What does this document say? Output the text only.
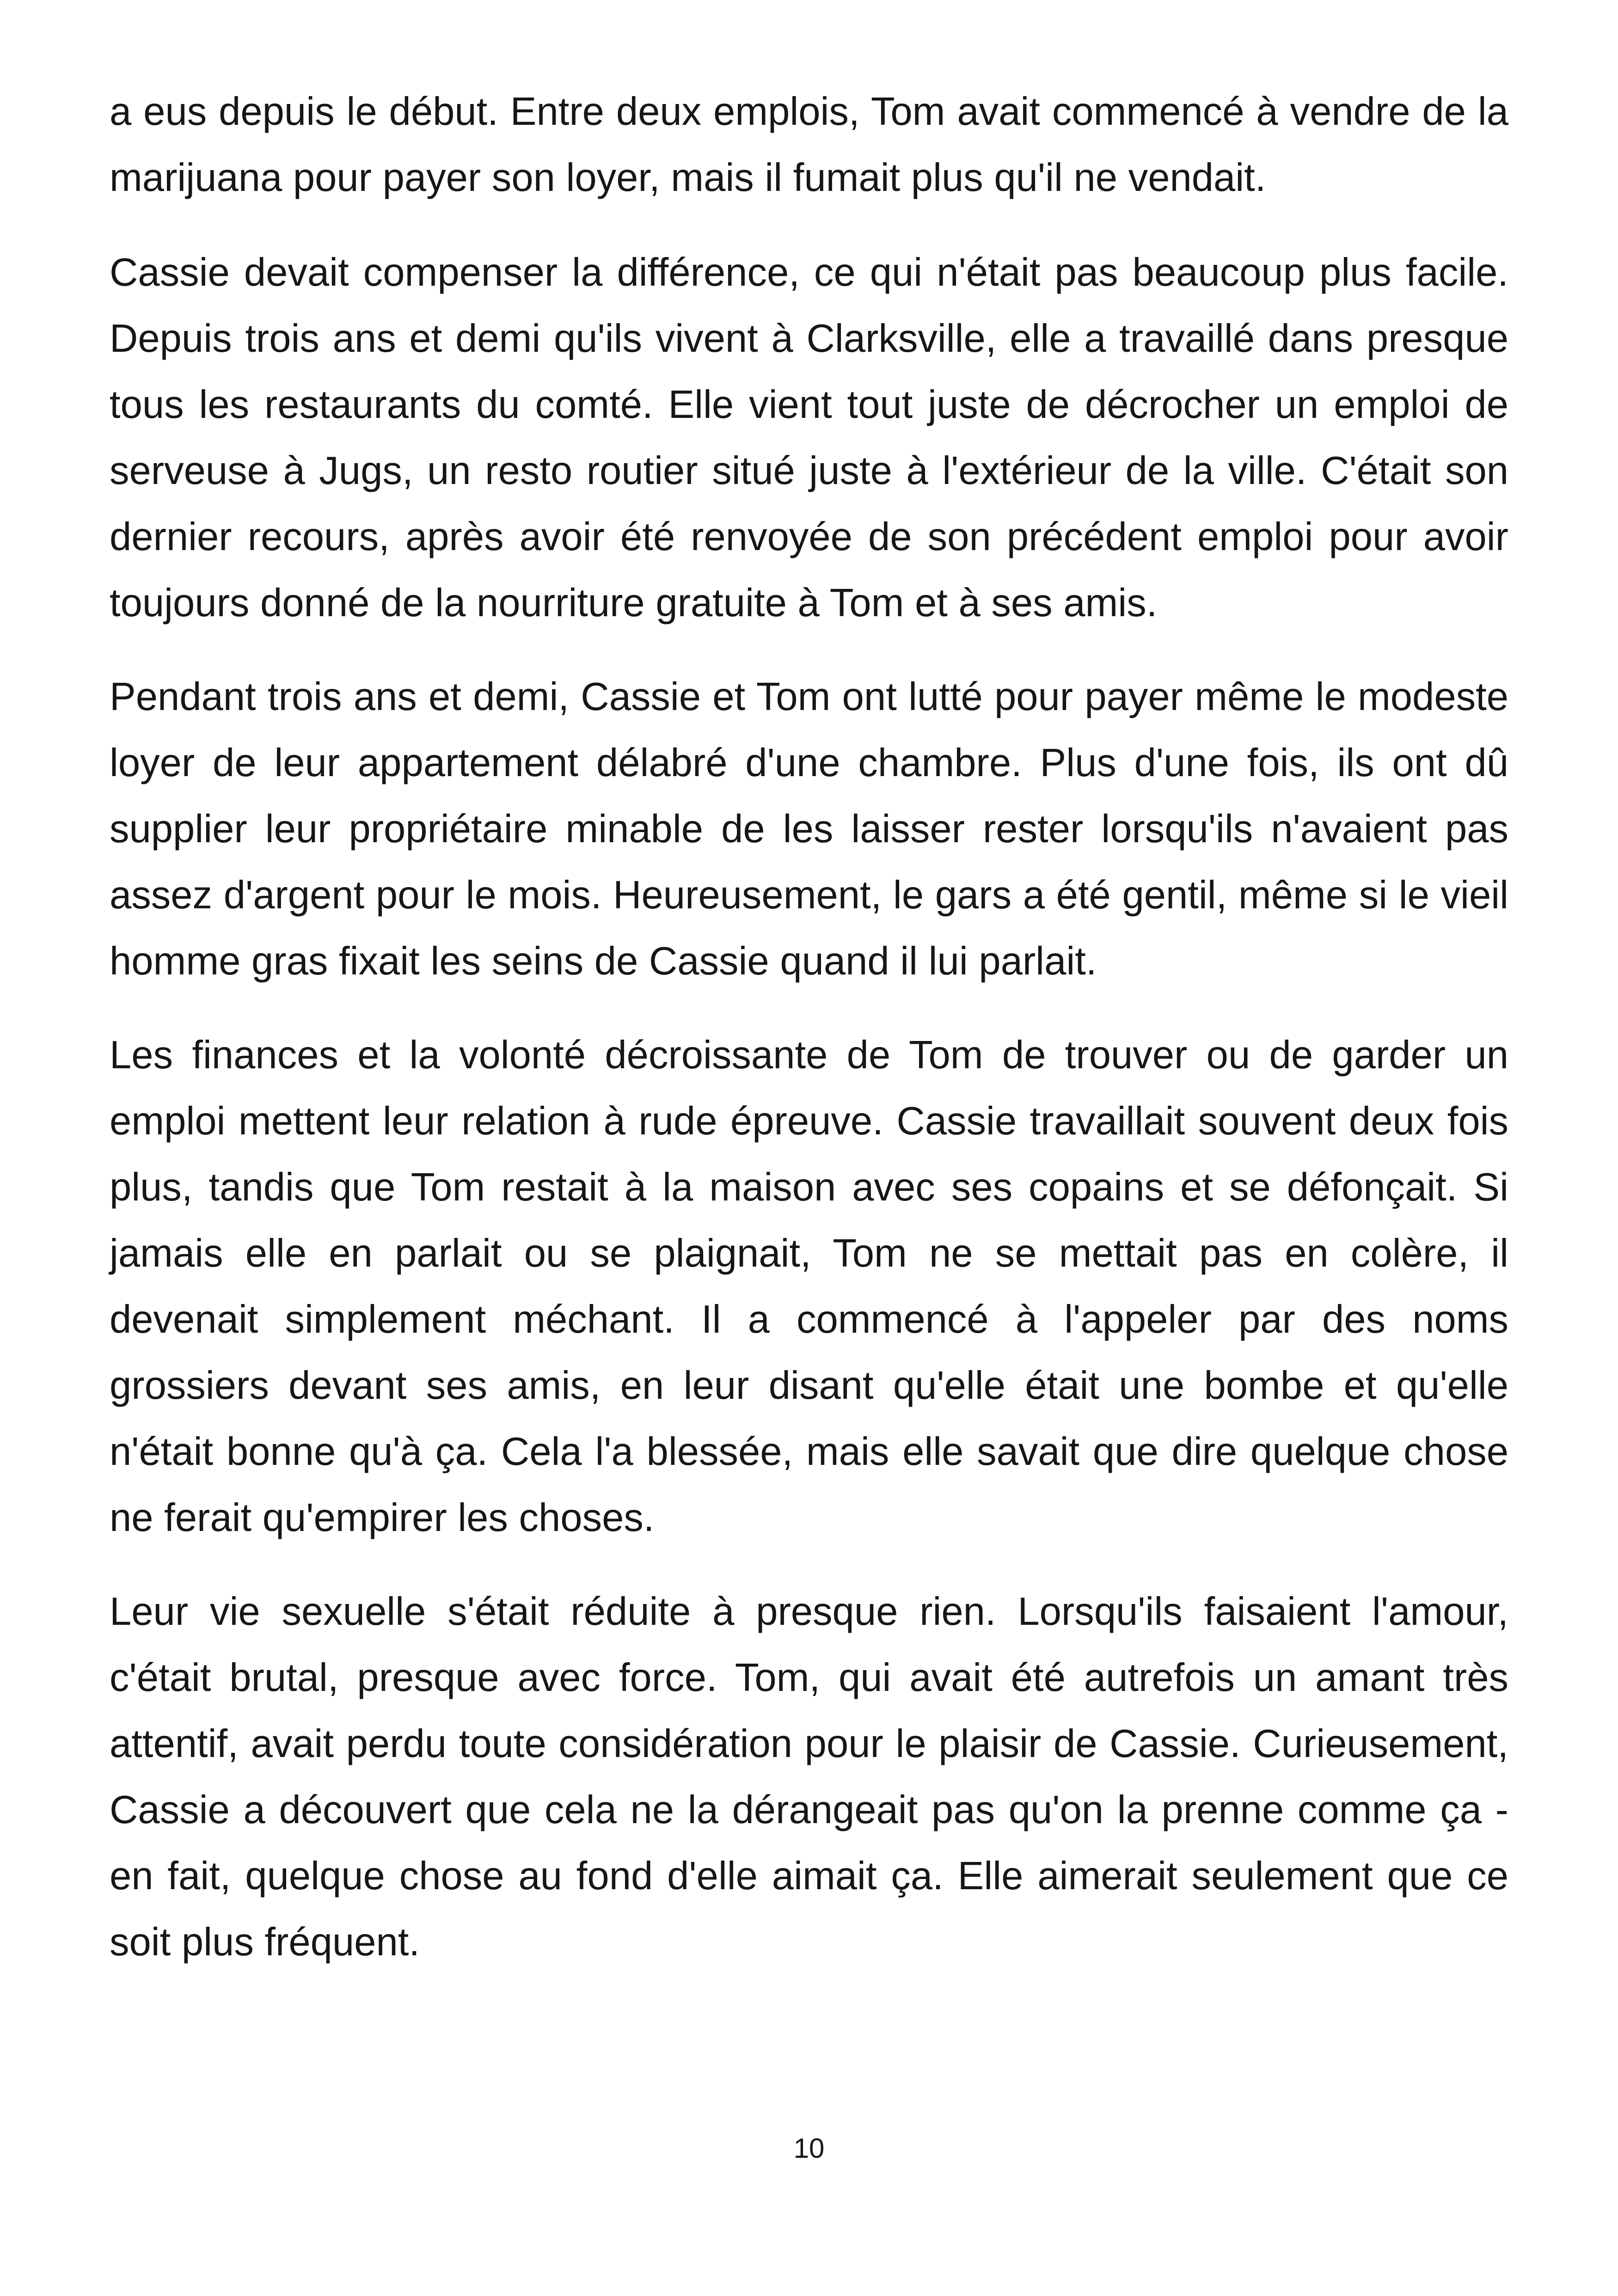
a eus depuis le début. Entre deux emplois, Tom avait commencé à vendre de la marijuana pour payer son loyer, mais il fumait plus qu'il ne vendait.

Cassie devait compenser la différence, ce qui n'était pas beaucoup plus facile. Depuis trois ans et demi qu'ils vivent à Clarksville, elle a travaillé dans presque tous les restaurants du comté. Elle vient tout juste de décrocher un emploi de serveuse à Jugs, un resto routier situé juste à l'extérieur de la ville. C'était son dernier recours, après avoir été renvoyée de son précédent emploi pour avoir toujours donné de la nourriture gratuite à Tom et à ses amis.

Pendant trois ans et demi, Cassie et Tom ont lutté pour payer même le modeste loyer de leur appartement délabré d'une chambre. Plus d'une fois, ils ont dû supplier leur propriétaire minable de les laisser rester lorsqu'ils n'avaient pas assez d'argent pour le mois. Heureusement, le gars a été gentil, même si le vieil homme gras fixait les seins de Cassie quand il lui parlait.

Les finances et la volonté décroissante de Tom de trouver ou de garder un emploi mettent leur relation à rude épreuve. Cassie travaillait souvent deux fois plus, tandis que Tom restait à la maison avec ses copains et se défonçait. Si jamais elle en parlait ou se plaignait, Tom ne se mettait pas en colère, il devenait simplement méchant. Il a commencé à l'appeler par des noms grossiers devant ses amis, en leur disant qu'elle était une bombe et qu'elle n'était bonne qu'à ça. Cela l'a blessée, mais elle savait que dire quelque chose ne ferait qu'empirer les choses.

Leur vie sexuelle s'était réduite à presque rien. Lorsqu'ils faisaient l'amour, c'était brutal, presque avec force. Tom, qui avait été autrefois un amant très attentif, avait perdu toute considération pour le plaisir de Cassie. Curieusement, Cassie a découvert que cela ne la dérangeait pas qu'on la prenne comme ça - en fait, quelque chose au fond d'elle aimait ça. Elle aimerait seulement que ce soit plus fréquent.

10
